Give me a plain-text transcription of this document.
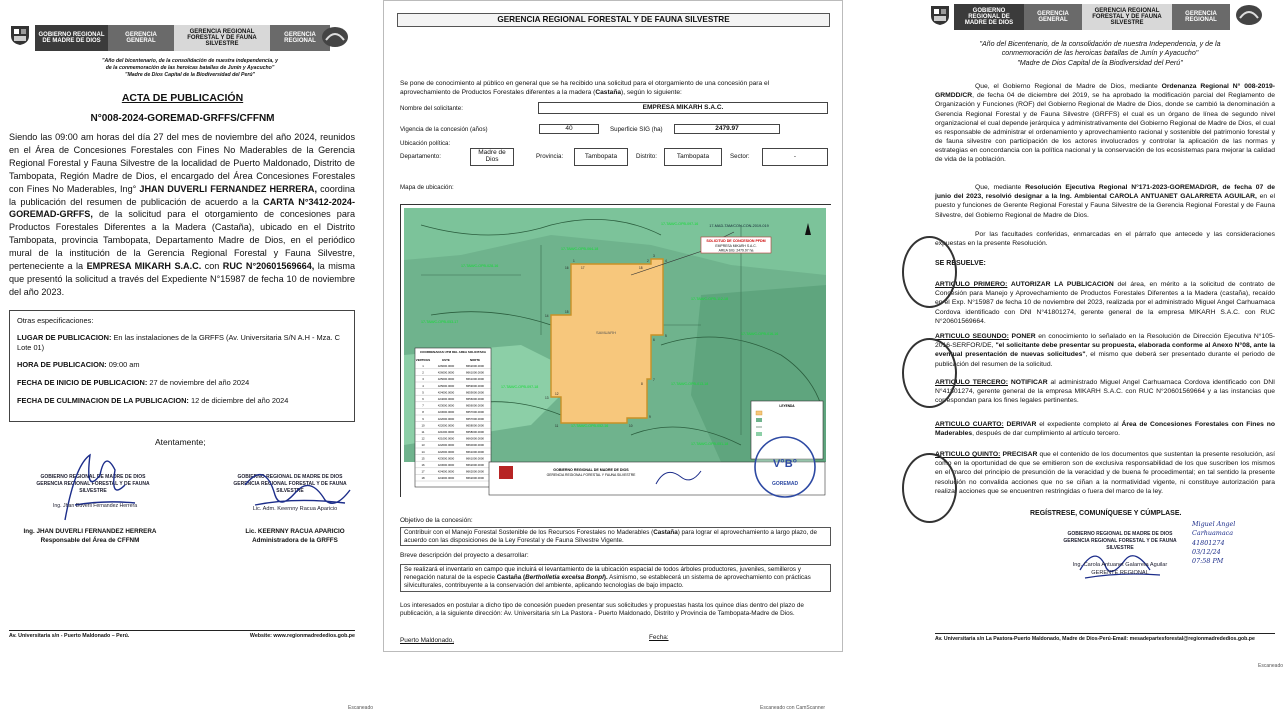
GOBIERNO REGIONAL DE MADRE DE DIOS
GERENCIA GENERAL
GERENCIA REGIONAL FORESTAL Y DE FAUNA SILVESTRE
GERENCIA REGIONAL
"Año del bicentenario, de la consolidación de nuestra independencia, y
de la conmemoración de las heroicas batallas de Junín y Ayacucho"
"Madre de Dios Capital de la Biodiversidad del Perú"
ACTA DE PUBLICACIÓN
N°008-2024-GOREMAD-GRFFS/CFFNM
Siendo las 09:00 am horas del día 27 del mes de noviembre del año 2024, reunidos en el Área de Concesiones Forestales con Fines No Maderables de la Gerencia Regional Forestal y Fauna Silvestre de la localidad de Puerto Maldonado, Distrito de Tambopata, Región Madre de Dios, el encargado del Área Concesiones Forestales con Fines No Maderables, Ing° JHAN DUVERLI FERNANDEZ HERRERA, coordina la publicación del resumen de publicación de acuerdo a la CARTA N°3412-2024-GOREMAD-GRFFS, de la solicitud para el otorgamiento de concesiones para Productos Forestales Diferentes a la Madera (Castaña), ubicado en el Distrito Tambopata, provincia Tambopata, Departamento Madre de Dios, en el periódico mural de la institución de la Gerencia Regional Forestal y Fauna Silvestre, perteneciente a la EMPRESA MIKARH S.A.C. con RUC N°20601569664, la misma que presentó la solicitud a través del Expediente N°15987 de fecha 10 de noviembre del año 2023.
Otras especificaciones:
LUGAR DE PUBLICACION: En las instalaciones de la GRFFS (Av. Universitaria S/N A.H - Mza. C Lote 01)
HORA DE PUBLICACION: 09:00 am
FECHA DE INICIO DE PUBLICACION: 27 de noviembre del año 2024
FECHA DE CULMINACION DE LA PUBLICACION: 12 de diciembre del año 2024
Atentamente;
GOBIERNO REGIONAL DE MADRE DE DIOS
GERENCIA REGIONAL FORESTAL Y DE FAUNA SILVESTRE
Ing. Jhan Duverli Fernandez Herrera
Ing. JHAN DUVERLI FERNANDEZ HERRERA
Responsable del Área de CFFNM
GOBIERNO REGIONAL DE MADRE DE DIOS
GERENCIA REGIONAL FORESTAL Y DE FAUNA SILVESTRE
Lic. Adm. Keernny Racua Aparicio
Lic. KEERNNY RACUA APARICIO
Administradora de la GRFFS
Av. Universitaria s/n - Puerto Maldonado – Perú.	Website: www.regionmadrededios.gob.pe
Escaneado
GERENCIA REGIONAL FORESTAL Y DE FAUNA SILVESTRE
Se pone de conocimiento al público en general que se ha recibido una solicitud para el otorgamiento de una concesión para el aprovechamiento de Productos Forestales diferentes a la madera (Castaña), según lo siguiente:
Nombre del solicitante:	EMPRESA MIKARH S.A.C.
Vigencia de la concesión (años)	40	Superficie SIG (ha)	2479.97
Ubicación política:
Departamento:
Madre de Dios	Provincia:	Tambopata	Distrito:	Tambopata	Sector:	-
Mapa de ubicación:
SOLICITUD DE CONCESION PFDM
EMPRESA MIKARH S.A.C.
AREA SIG: 2479.97 ha
17-MAD-TAM/CON-CON-2019-019
SAMUARH
17-TAM/C-OPB-028-16
17-TAM/C-OPB-064-18
17-TAM/C-OPB-097-16
17-TAM/C-OPB-053-17
17-TAM/C-OPB-112-18
17-TAM/C-OPB-016-16
17-TAM/C-OPB-097-18
17-TAM/C-OPB-013-18
17-TAM/C-OPB-052-16
17-TAM/C-OPB-051-18
1	2
3
4
5
6
7
8
9
10
11
12
13
14
15
16	17	18
COORDENADAS UTM DEL AREA SOLICITADA
VERTICES	ESTE	NORTE
1	426000.0000	8662000.0000
2	426000.0000	8661000.0000
3	425000.0000	8661000.0000
4	425000.0000	8659000.0000
5	424000.0000	8659000.0000
6	424000.0000	8656000.0000
7	423000.0000	8656000.0000
8	423000.0000	8657000.0000
9	422000.0000	8657000.0000
10	422000.0000	8658000.0000
11	421000.0000	8658000.0000
12	421000.0000	8660000.0000
13	422000.0000	8660000.0000
14	422000.0000	8661000.0000
15	423000.0000	8661000.0000
16	423000.0000	8662000.0000
17	424000.0000	8662000.0000
18	424000.0000	8662000.0000
LEYENDA
GOBIERNO REGIONAL DE MADRE DE DIOS
GERENCIA REGIONAL FORESTAL Y FAUNA SILVESTRE
V°B°
GOREMAD
Objetivo de la concesión:
Contribuir con el Manejo Forestal Sostenible de los Recursos Forestales no Maderables (Castaña) para lograr el aprovechamiento a largo plazo, de acuerdo con las disposiciones de la Ley Forestal y de Fauna Silvestre Vigente.
Breve descripción del proyecto a desarrollar:
Se realizará el inventario en campo que incluirá el levantamiento de la ubicación espacial de todos árboles productores, juveniles, semilleros y renegación natural de la especie Castaña (Bertholletia excelsa Bonpl). Asimismo, se establecerá un sistema de aprovechamiento con prácticas silviculturales, contribuyente a la conservación del ambiente, aplicando tecnologías de bajo impacto.
Los interesados en postular a dicho tipo de concesión pueden presentar sus solicitudes y propuestas hasta los quince días dentro del plazo de publicación, a la siguiente dirección: Av. Universitaria s/n La Pastora - Puerto Maldonado, Distrito y Provincia de Tambopata-Madre de Dios.
Puerto Maldonado,	Fecha:
Escaneado con CamScanner
GOBIERNO REGIONAL DE MADRE DE DIOS
GERENCIA GENERAL
GERENCIA REGIONAL FORESTAL Y DE FAUNA SILVESTRE
GERENCIA REGIONAL
"Año del Bicentenario, de la consolidación de nuestra Independencia, y de la
conmemoración de las heroicas batallas de Junín y Ayacucho"
"Madre de Dios Capital de la Biodiversidad del Perú"
Que, el Gobierno Regional de Madre de Dios, mediante Ordenanza Regional N° 008-2019-GRMDD/CR, de fecha 04 de diciembre del 2019, se ha aprobado la modificación parcial del Reglamento de Organización y Funciones (ROF) del Gobierno Regional de Madre de Dios, donde se cambió la denominación a Gerencia Regional Forestal y de Fauna Silvestre (GRFFS) el cual es un órgano de línea de segundo nivel organizacional el cual depende jerárquica y administrativamente del Gobierno Regional de Madre de Dios, el cual es responsable de administrar el ordenamiento y aprovechamiento racional y sostenible del patrimonio forestal y de fauna silvestre con participación de los actores involucrados y controlar la aplicación de las normas y estrategias en concordancia con la política nacional y la conservación de los ecosistemas para mejorar la calidad de vida de la población.
Que, mediante Resolución Ejecutiva Regional N°171-2023-GOREMAD/GR, de fecha 07 de junio del 2023, resolvió designar a la Ing. Ambiental CAROLA ANTUANET GALARRETA AGUILAR, en el puesto y funciones de Gerente Regional Forestal y Fauna Silvestre de la Gerencia Regional Forestal y de Fauna Silvestre, del Gobierno Regional de Madre de Dios.
Por las facultades conferidas, enmarcadas en el párrafo que antecede y las consideraciones expuestas en la presente Resolución.
SE RESUELVE:
ARTICULO PRIMERO: AUTORIZAR LA PUBLICACION del área, en mérito a la solicitud de contrato de Concesión para Manejo y Aprovechamiento de Productos Forestales Diferentes a la Madera (castaña), recaído en el Exp. N°15987 de fecha 10 de noviembre del 2023, realizada por el administrado Miguel Angel Carhuamaca Cordova identificado con DNI N°41801274, gerente general de la empresa MIKARH S.A.C. con RUC N°20601569664.
ARTICULO SEGUNDO: PONER en conocimiento lo señalado en la Resolución de Dirección Ejecutiva N°105-2016-SERFOR/DE, "el solicitante debe presentar su propuesta, elaborada conforme al Anexo N°08, ante la eventual presentación de nuevas solicitudes", el mismo que deberá ser presentado durante el periodo de publicación del resumen de la solicitud.
ARTICULO TERCERO: NOTIFICAR al administrado Miguel Angel Carhuamaca Cordova identificado con DNI N°41801274, gerente general de la empresa MIKARH S.A.C. con RUC N°20601569664 y a las instancias que correspondan para los fines legales pertinentes.
ARTICULO CUARTO: DERIVAR el expediente completo al Área de Concesiones Forestales con Fines no Maderables, después de dar cumplimiento al artículo tercero.
ARTICULO QUINTO: PRECISAR que el contenido de los documentos que sustentan la presente resolución, así como en la oportunidad de que se emitieron son de exclusiva responsabilidad de los que suscriben los mismos en el marco del principio de presunción de la veracidad y de buena fe procedimental; en tal sentido la presente resolución no convalida acciones que no se ciñan a la normatividad vigente, ni constituye autorización para realizar acciones que se encuentren restringidas o fuera del marco de la ley.
REGÍSTRESE, COMUNÍQUESE Y CÚMPLASE.
GOBIERNO REGIONAL DE MADRE DE DIOS
GERENCIA REGIONAL FORESTAL Y DE FAUNA SILVESTRE
Ing. Carola Antuanet Galarreta Aguilar
GERENTE REGIONAL
Miguel Angel Carhuamaca
41801274
03/12/24
07:58 PM
Av. Universitaria s/n La Pastora-Puerto Maldonado, Madre de Dios-Perú-Email: mesadepartesforestal@regionmadrededios.gob.pe
Escaneado
